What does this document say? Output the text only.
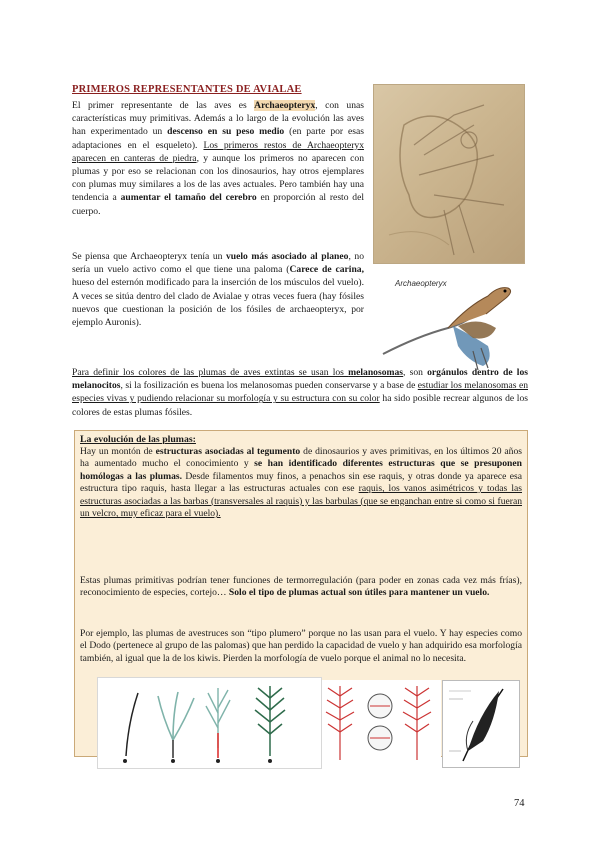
PRIMEROS REPRESENTANTES DE AVIALAE
El primer representante de las aves es Archaeopteryx, con unas características muy primitivas. Además a lo largo de la evolución las aves han experimentado un descenso en su peso medio (en parte por esas adaptaciones en el esqueleto). Los primeros restos de Archaeopteryx aparecen en canteras de piedra, y aunque los primeros no aparecen con plumas y por eso se relacionan con los dinosaurios, hay otros ejemplares con plumas muy similares a los de las aves actuales. Pero también hay una tendencia a aumentar el tamaño del cerebro en proporción al resto del cuerpo.
Se piensa que Archaeopteryx tenía un vuelo más asociado al planeo, no sería un vuelo activo como el que tiene una paloma (Carece de carina, hueso del esternón modificado para la inserción de los músculos del vuelo). A veces se sitúa dentro del clado de Avialae y otras veces fuera (hay fósiles nuevos que cuestionan la posición de los fósiles de archaeopteryx, por ejemplo Auronis).
Archaeopteryx
Para definir los colores de las plumas de aves extintas se usan los melanosomas, son orgánulos dentro de los melanocitos, si la fosilización es buena los melanosomas pueden conservarse y a base de estudiar los melanosomas en especies vivas y pudiendo relacionar su morfología y su estructura con su color ha sido posible recrear algunos de los colores de estas plumas fósiles.
La evolución de las plumas:
Hay un montón de estructuras asociadas al tegumento de dinosaurios y aves primitivas, en los últimos 20 años ha aumentado mucho el conocimiento y se han identificado diferentes estructuras que se presuponen homólogas a las plumas. Desde filamentos muy finos, a penachos sin ese raquis, y otras donde ya aparece esa estructura tipo raquis, hasta llegar a las estructuras actuales con ese raquis, los vanos asimétricos y todas las estructuras asociadas a las barbas (transversales al raquis) y las barbulas (que se enganchan entre si como si fueran un velcro, muy eficaz para el vuelo).
Estas plumas primitivas podrían tener funciones de termorregulación (para poder en zonas cada vez más frías), reconocimiento de especies, cortejo… Solo el tipo de plumas actual son útiles para mantener un vuelo.
Por ejemplo, las plumas de avestruces son “tipo plumero” porque no las usan para el vuelo. Y hay especies como el Dodo (pertenece al grupo de las palomas) que han perdido la capacidad de vuelo y han adquirido esa morfología también, al igual que la de los kiwis. Pierden la morfología de vuelo porque el animal no lo necesita.
74
